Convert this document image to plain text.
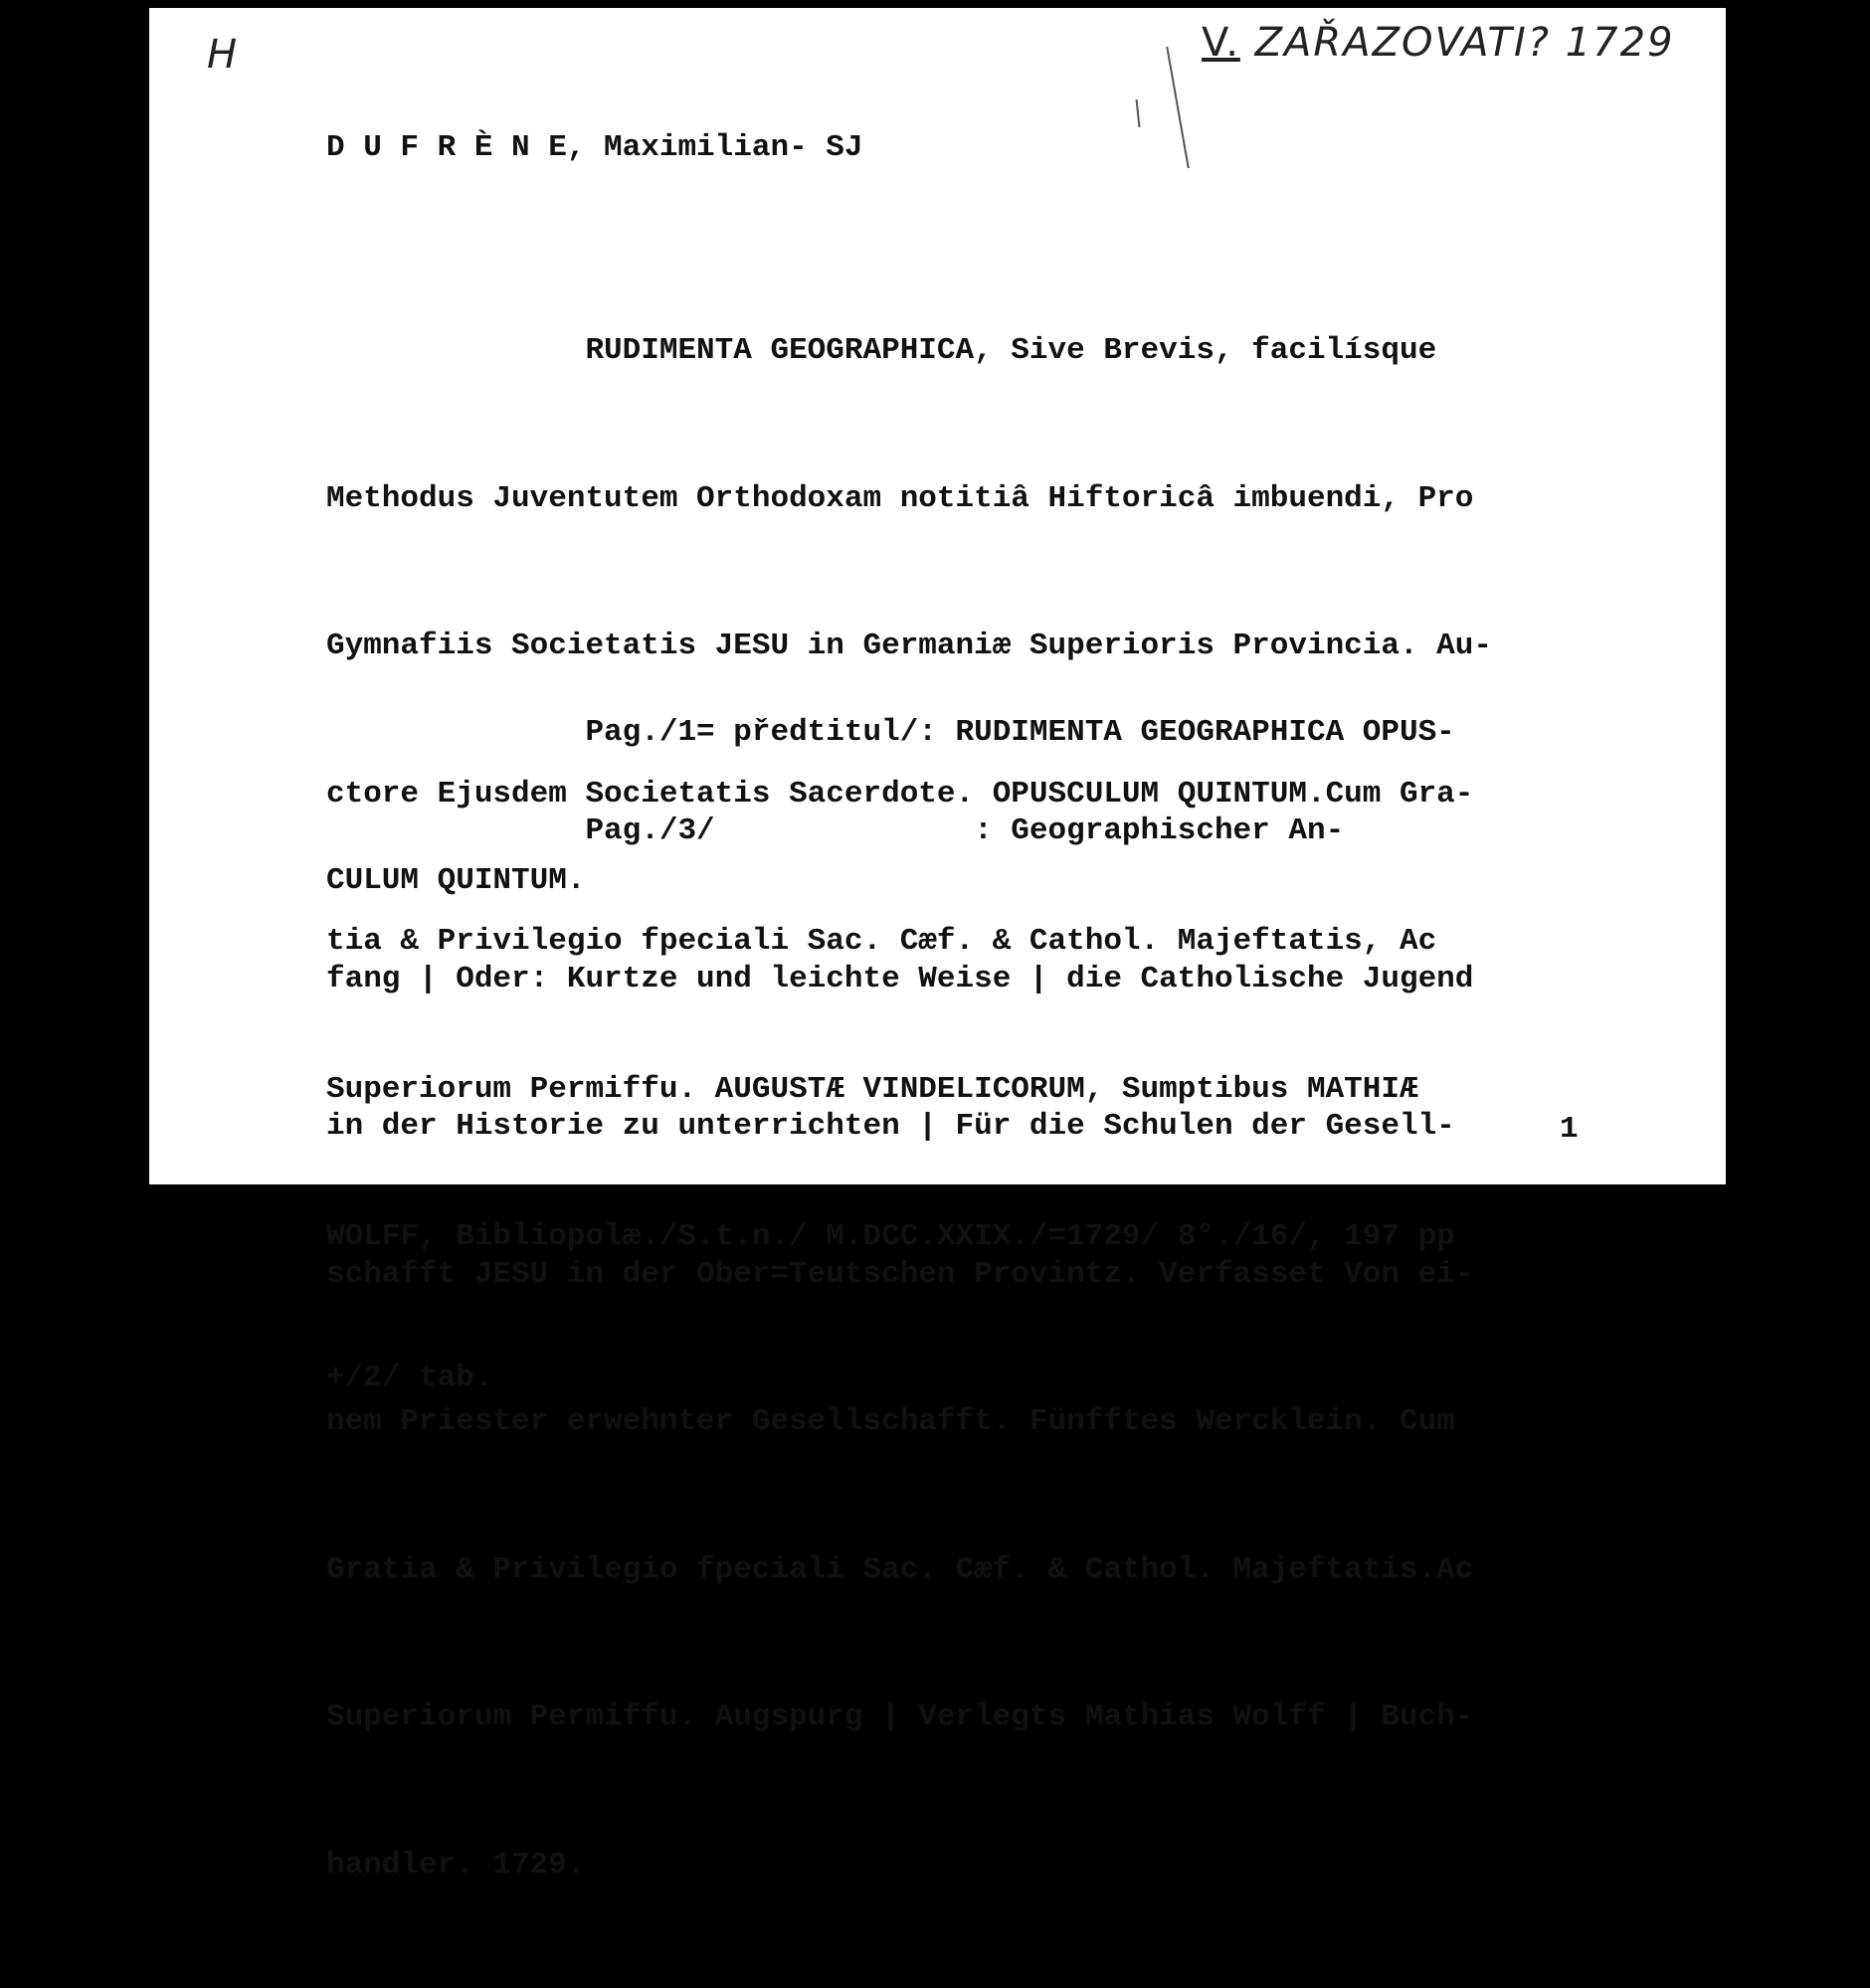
H	V. ZAŘAZOVATI? 1729
D U F R È N E, Maximilian- SJ

RUDIMENTA GEOGRAPHICA, Sive Brevis, facilísque

Methodus Juventutem Orthodoxam notitiâ Hiftoricâ imbuendi, Pro

Gymnafiis Societatis JESU in Germaniæ Superioris Provincia. Au-

ctore Ejusdem Societatis Sacerdote. OPUSCULUM QUINTUM.Cum Gra-

tia & Privilegio fpeciali Sac. Cæf. & Cathol. Majeftatis, Ac

Superiorum Permiffu. AUGUSTÆ VINDELICORUM, Sumptibus MATHIÆ

WOLFF, Bibliopolæ./S.t.n./ M.DCC.XXIX./=1729/ 8°./16/, 197 pp

+/2/ tab.

Pag./1= předtitul/: RUDIMENTA GEOGRAPHICA OPUS-

CULUM QUINTUM.

Pag./3/              : Geographischer An-

fang | Oder: Kurtze und leichte Weise | die Catholische Jugend

in der Historie zu unterrichten | Für die Schulen der Gesell-

schafft JESU in der Ober=Teutschen Provintz. Verfasset Von ei-

nem Priester erwehnter Gesellschafft. Fünfftes Wercklein. Cum

Gratia & Privilegio fpeciali Sac. Cæf. & Cathol. Majeftatis.Ac

Superiorum Permiffu. Augspurg | Verlegts Mathias Wolff | Buch-

handler. 1729.

1
